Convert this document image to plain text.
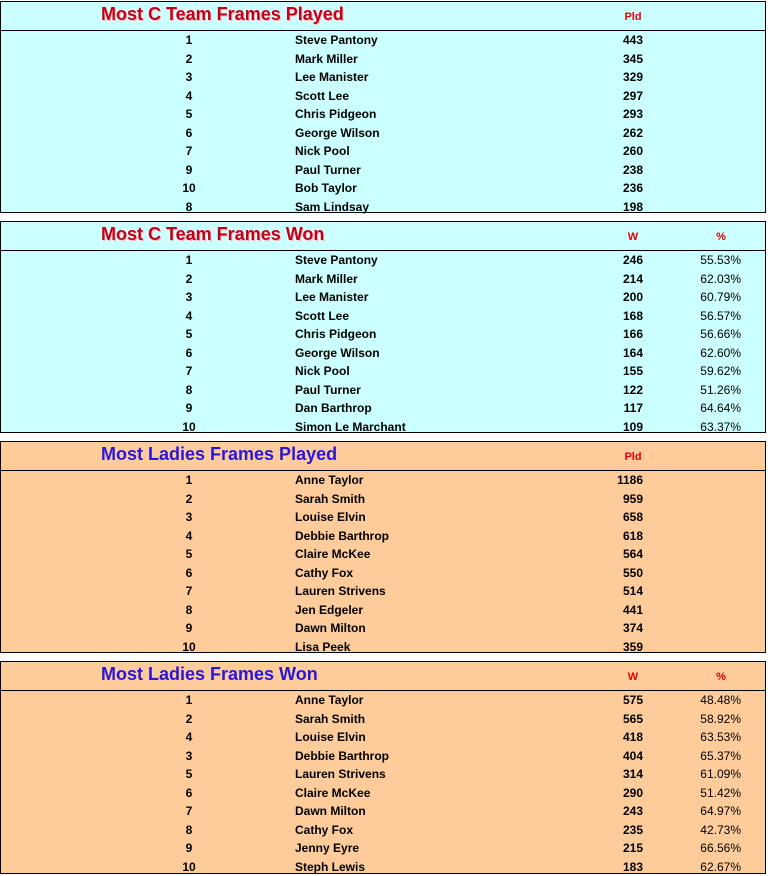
Most C Team Frames Played	Pld
1	Steve Pantony	443
2	Mark Miller	345
3	Lee Manister	329
4	Scott Lee	297
5	Chris Pidgeon	293
6	George Wilson	262
7	Nick Pool	260
9	Paul Turner	238
10	Bob Taylor	236
8	Sam Lindsay	198
Most C Team Frames Won	W	%
1	Steve Pantony	246	55.53%
2	Mark Miller	214	62.03%
3	Lee Manister	200	60.79%
4	Scott Lee	168	56.57%
5	Chris Pidgeon	166	56.66%
6	George Wilson	164	62.60%
7	Nick Pool	155	59.62%
8	Paul Turner	122	51.26%
9	Dan Barthrop	117	64.64%
10	Simon Le Marchant	109	63.37%
Most Ladies Frames Played	Pld
1	Anne Taylor	1186
2	Sarah Smith	959
3	Louise Elvin	658
4	Debbie Barthrop	618
5	Claire McKee	564
6	Cathy Fox	550
7	Lauren Strivens	514
8	Jen Edgeler	441
9	Dawn Milton	374
10	Lisa Peek	359
Most Ladies Frames Won	W	%
1	Anne Taylor	575	48.48%
2	Sarah Smith	565	58.92%
4	Louise Elvin	418	63.53%
3	Debbie Barthrop	404	65.37%
5	Lauren Strivens	314	61.09%
6	Claire McKee	290	51.42%
7	Dawn Milton	243	64.97%
8	Cathy Fox	235	42.73%
9	Jenny Eyre	215	66.56%
10	Steph Lewis	183	62.67%
